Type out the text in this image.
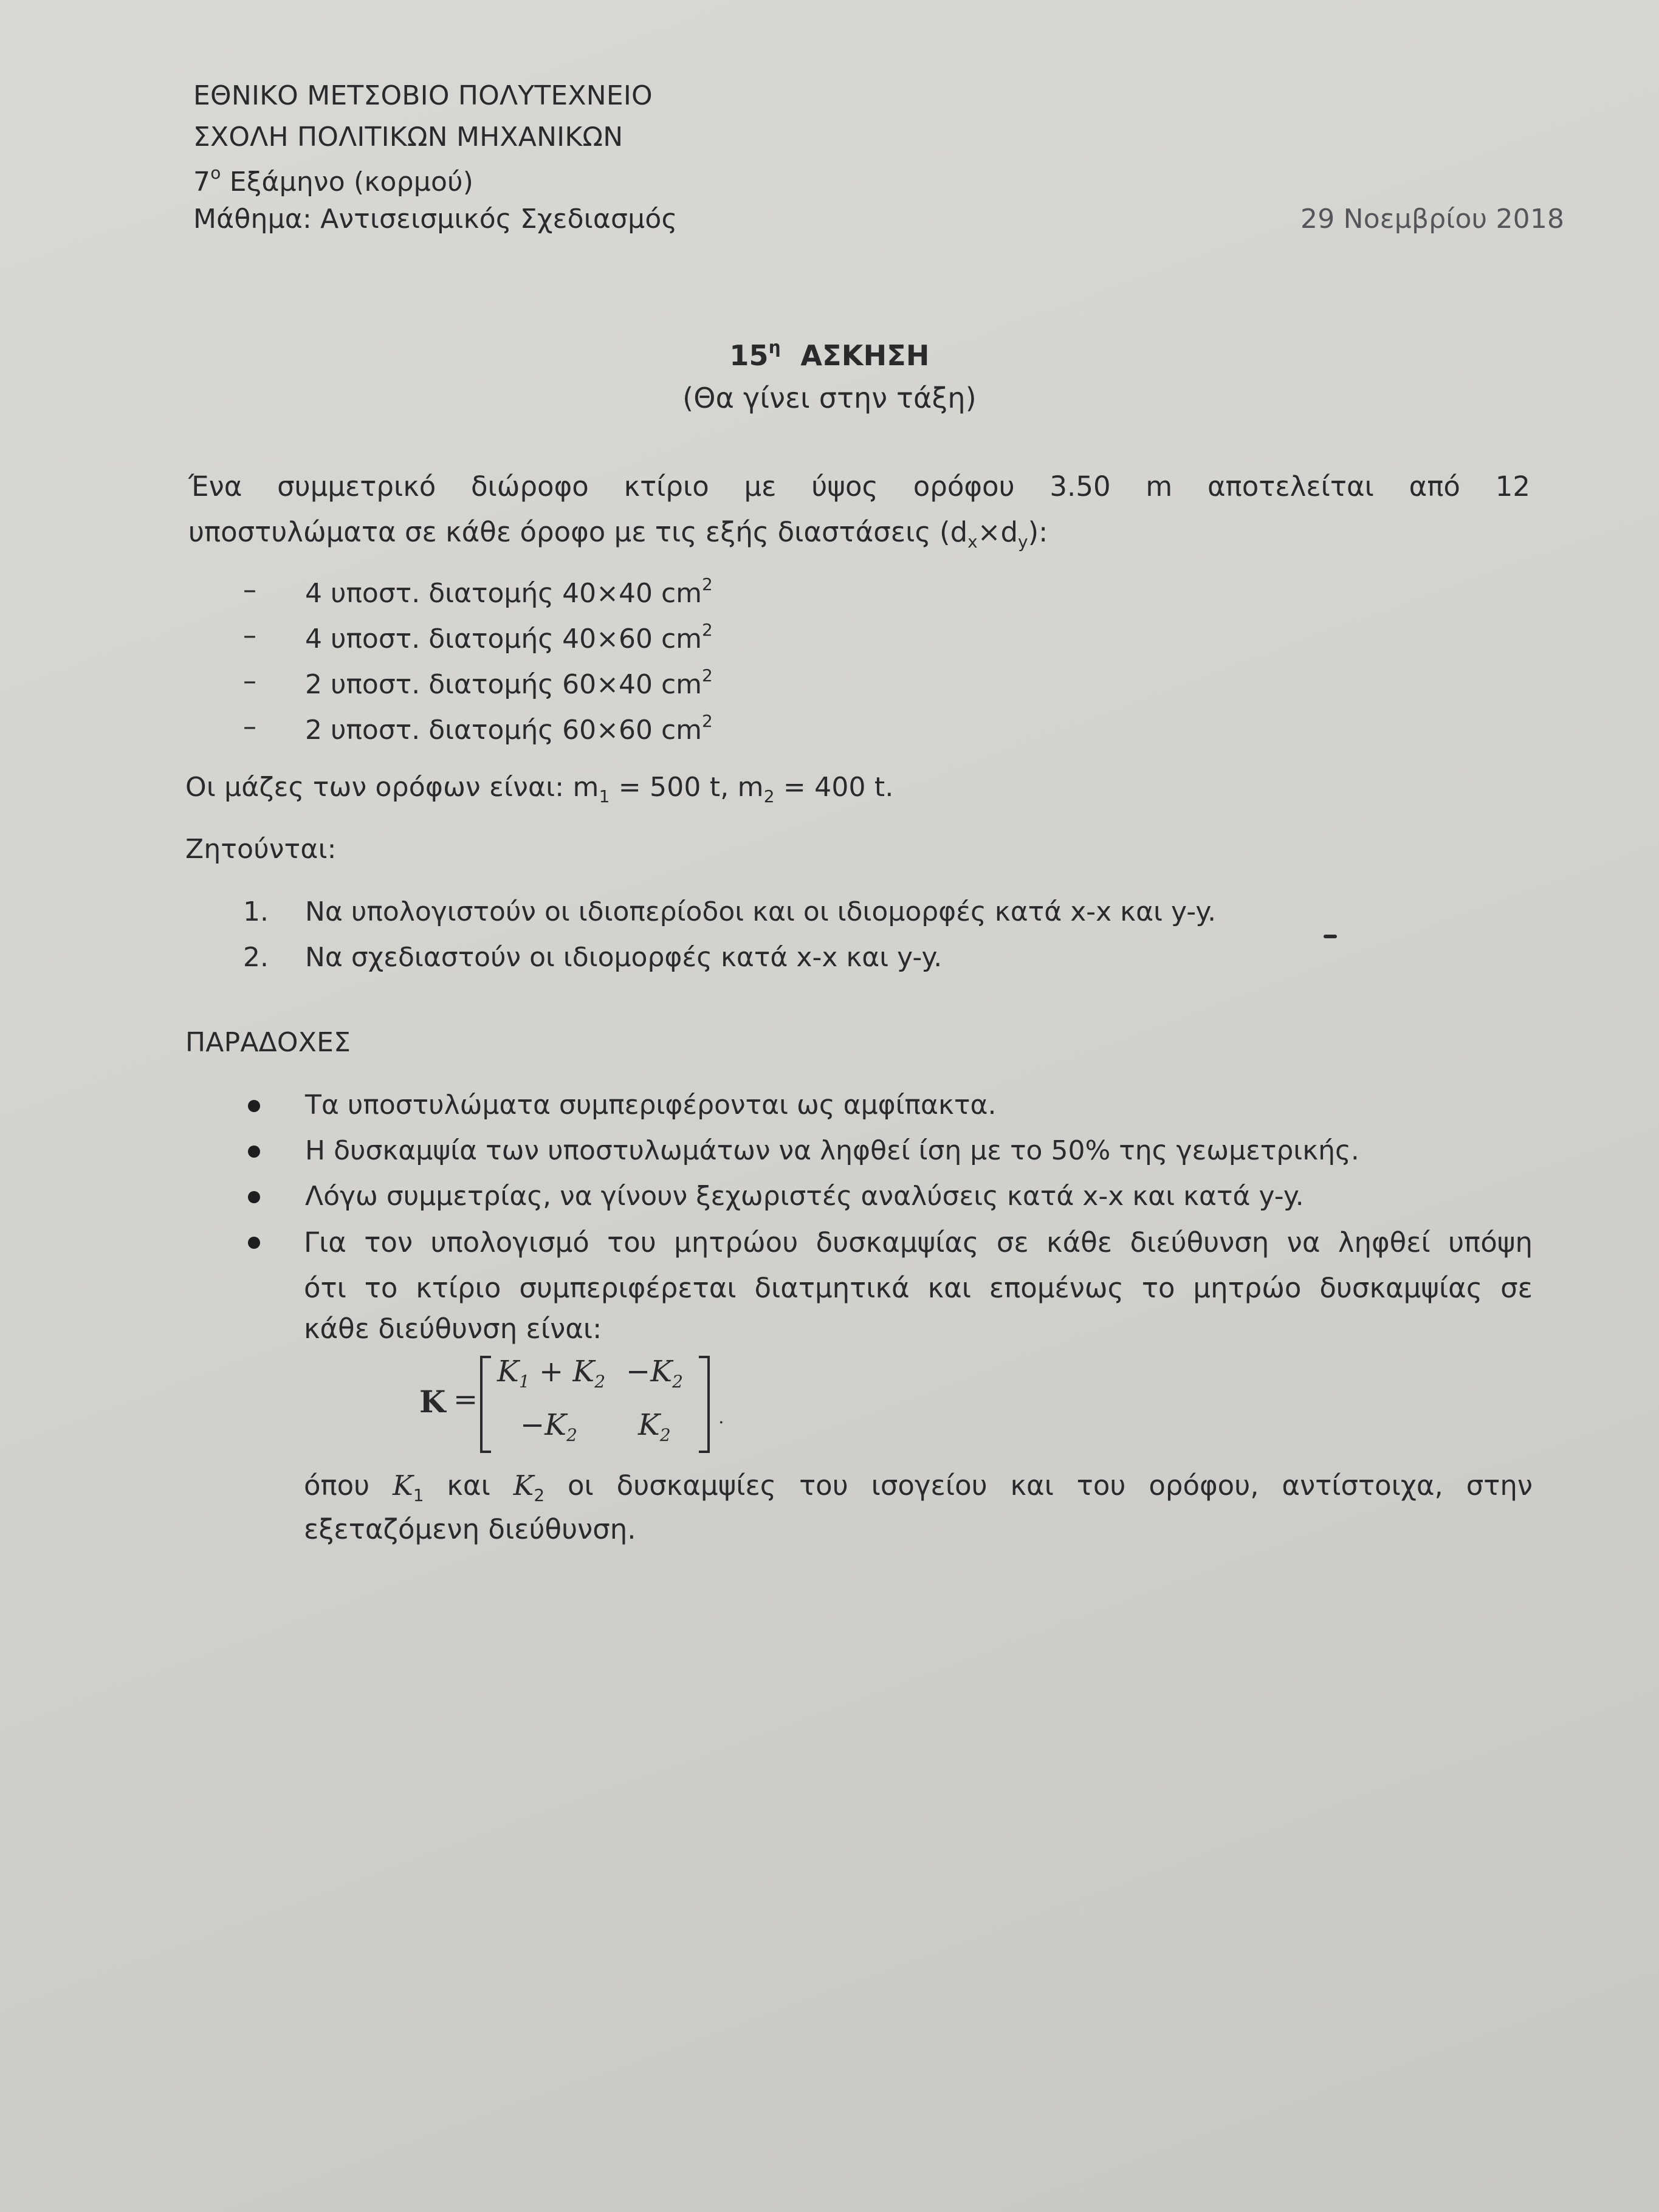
ΕΘΝΙΚΟ ΜΕΤΣΟΒΙΟ ΠΟΛΥΤΕΧΝΕΙΟ
ΣΧΟΛΗ ΠΟΛΙΤΙΚΩΝ ΜΗΧΑΝΙΚΩΝ
$7^o$ Εξάμηνο (κορμού)
Μάθημα: Αντισεισμικός Σχεδιασμός	29 Νοεμβρίου 2018
$15^\eta$ ΑΣΚΗΣΗ
(Θα γίνει στην τάξη)
Ένα συμμετρικό διώροφο κτίριο με ύψος ορόφου 3.50 m αποτελείται από 12
υποστυλώματα σε κάθε όροφο με τις εξής διαστάσεις $(d_x\times d_y)$:
– 4 υποστ. διατομής 40×40 $cm^2$
– 4 υποστ. διατομής 40×60 $cm^2$
– 2 υποστ. διατομής 60×40 $cm^2$
– 2 υποστ. διατομής 60×60 $cm^2$
Οι μάζες των ορόφων είναι: $m_1 = 500$ t, $m_2 = 400$ t.
Ζητούνται:
1. Να υπολογιστούν οι ιδιοπερίοδοι και οι ιδιομορφές κατά x-x και y-y.
2. Να σχεδιαστούν οι ιδιομορφές κατά x-x και y-y.
ΠΑΡΑΔΟΧΕΣ
Τα υποστυλώματα συμπεριφέρονται ως αμφίπακτα.
Η δυσκαμψία των υποστυλωμάτων να ληφθεί ίση με το 50% της γεωμετρικής.
Λόγω συμμετρίας, να γίνουν ξεχωριστές αναλύσεις κατά x-x και κατά y-y.
Για τον υπολογισμό του μητρώου δυσκαμψίας σε κάθε διεύθυνση να ληφθεί υπόψη
ότι το κτίριο συμπεριφέρεται διατμητικά και επομένως το μητρώο δυσκαμψίας σε
κάθε διεύθυνση είναι:
K =
$K_1 + K_2 -K_2$
$-K_2$ $K_2$
.
όπου $K_1$ και $K_2$ οι δυσκαμψίες του ισογείου και του ορόφου, αντίστοιχα, στην
εξεταζόμενη διεύθυνση.
